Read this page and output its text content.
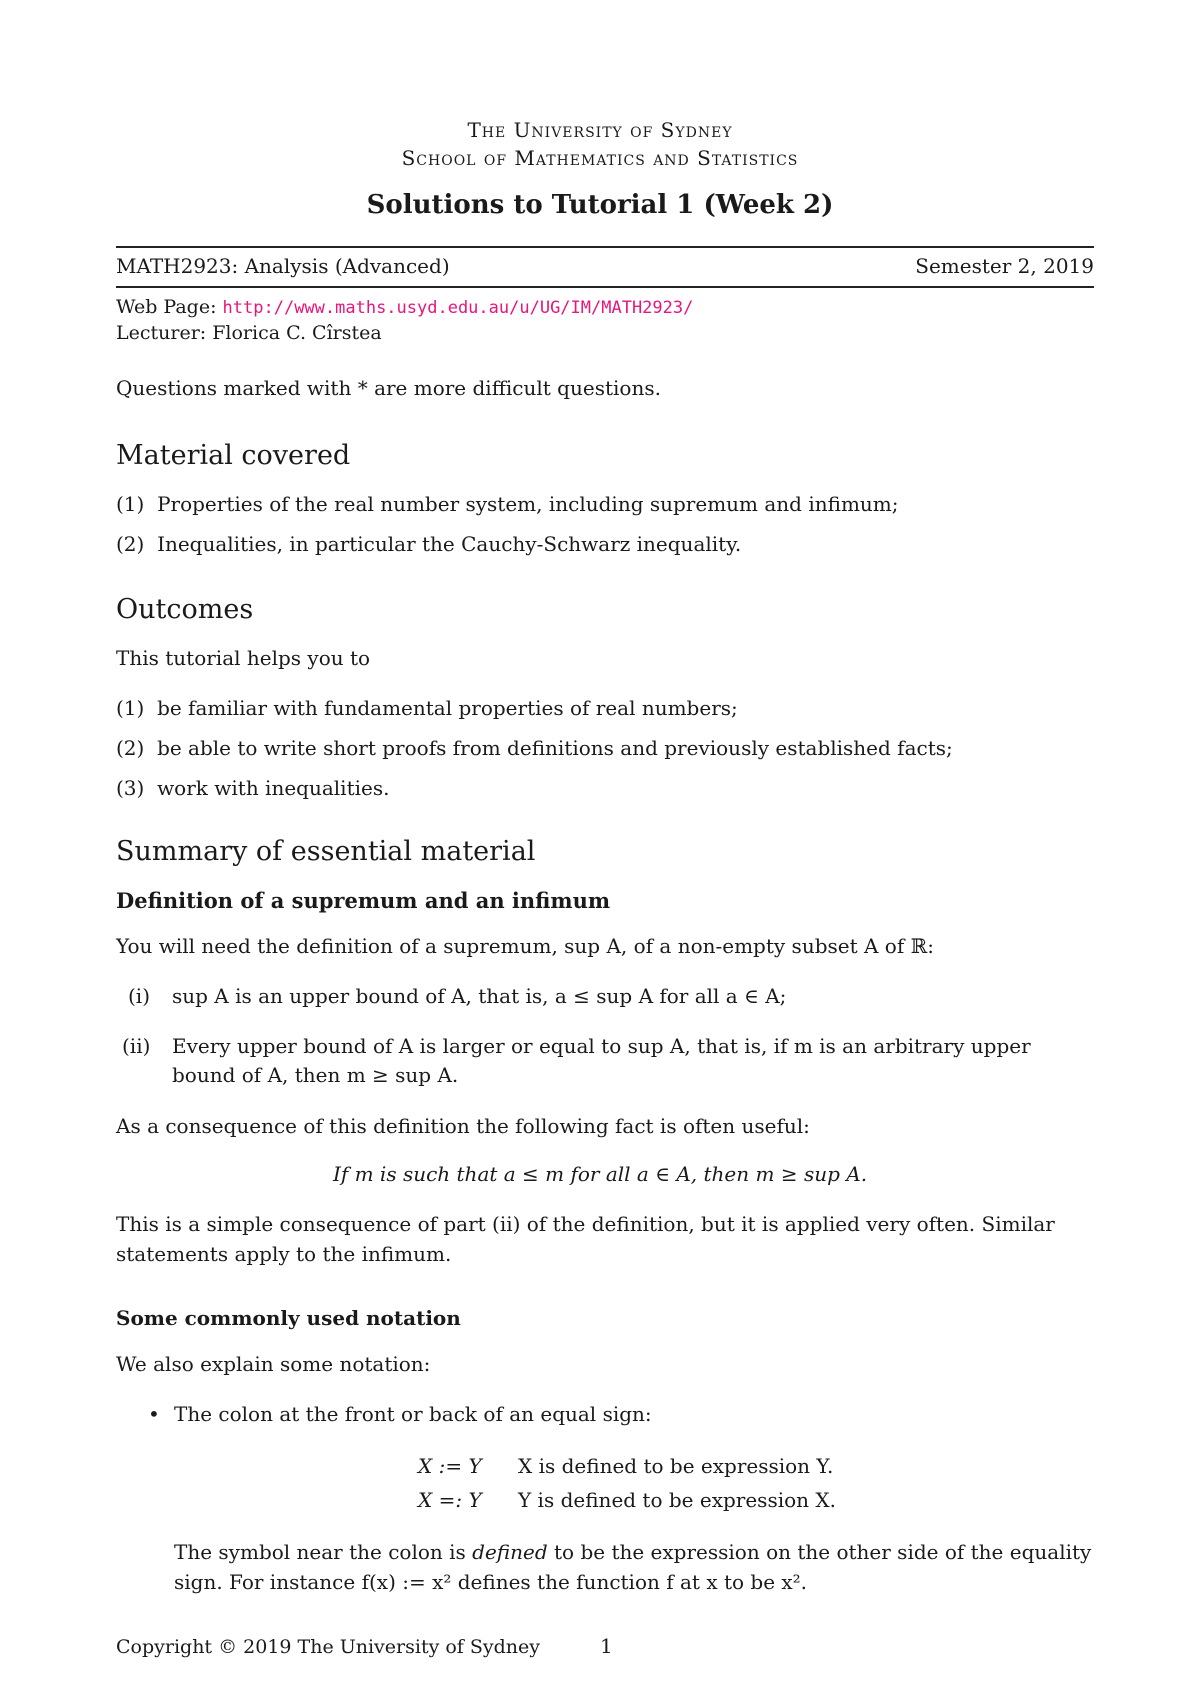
The University of Sydney
School of Mathematics and Statistics
Solutions to Tutorial 1 (Week 2)
MATH2923: Analysis (Advanced)	Semester 2, 2019
Web Page: http://www.maths.usyd.edu.au/u/UG/IM/MATH2923/
Lecturer: Florica C. Cîrstea
Questions marked with * are more difficult questions.
Material covered
(1) Properties of the real number system, including supremum and infimum;
(2) Inequalities, in particular the Cauchy-Schwarz inequality.
Outcomes
This tutorial helps you to
(1) be familiar with fundamental properties of real numbers;
(2) be able to write short proofs from definitions and previously established facts;
(3) work with inequalities.
Summary of essential material
Definition of a supremum and an infimum
You will need the definition of a supremum, sup A, of a non-empty subset A of ℝ:
(i) sup A is an upper bound of A, that is, a ≤ sup A for all a ∈ A;
(ii) Every upper bound of A is larger or equal to sup A, that is, if m is an arbitrary upper
bound of A, then m ≥ sup A.
As a consequence of this definition the following fact is often useful:
If m is such that a ≤ m for all a ∈ A, then m ≥ sup A.
This is a simple consequence of part (ii) of the definition, but it is applied very often. Similar
statements apply to the infimum.
Some commonly used notation
We also explain some notation:
• The colon at the front or back of an equal sign:
X := Y X is defined to be expression Y.
X =: Y Y is defined to be expression X.
The symbol near the colon is defined to be the expression on the other side of the equality
sign. For instance f(x) := x² defines the function f at x to be x².
Copyright © 2019 The University of Sydney	1
